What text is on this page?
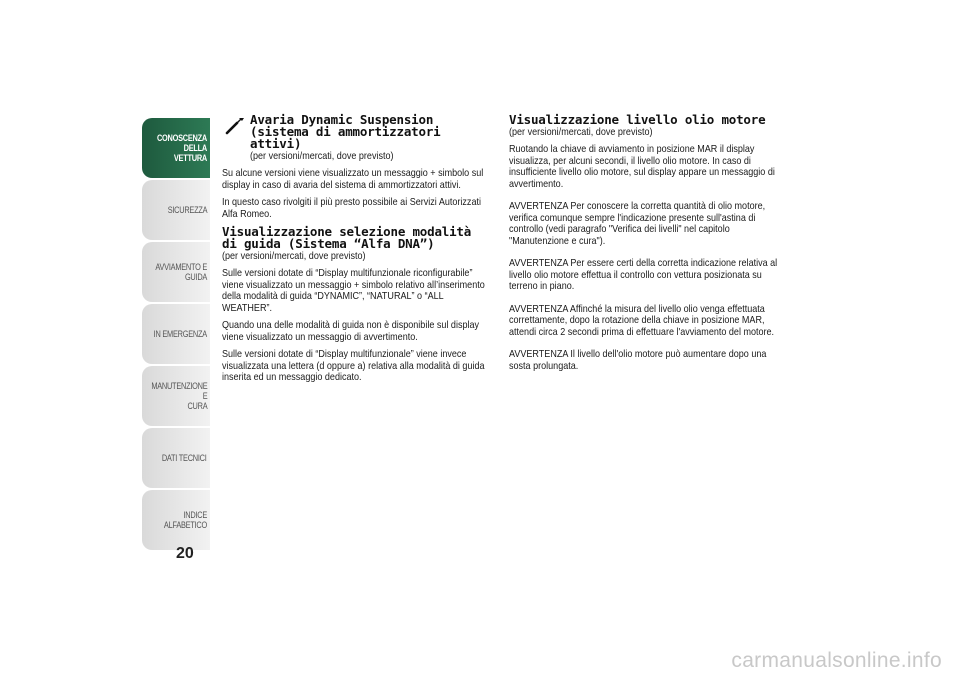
CONOSCENZA
DELLA VETTURA
SICUREZZA
AVVIAMENTO E
GUIDA
IN EMERGENZA
MANUTENZIONE E
CURA
DATI TECNICI
INDICE ALFABETICO
20

Avaria Dynamic Suspension

(sistema di ammortizzatori attivi)

(per versioni/mercati, dove previsto)

Su alcune versioni viene visualizzato un messaggio + simbolo sul display in caso di avaria del sistema di ammortizzatori attivi.

In questo caso rivolgiti il più presto possibile ai Servizi Autorizzati Alfa Romeo.

Visualizzazione selezione modalità

di guida (Sistema “Alfa DNA”)

(per versioni/mercati, dove previsto)

Sulle versioni dotate di “Display multifunzionale riconfigurabile” viene visualizzato un messaggio + simbolo relativo all’inserimento della modalità di guida “DYNAMIC”, “NATURAL” o “ALL WEATHER”.

Quando una delle modalità di guida non è disponibile sul display viene visualizzato un messaggio di avvertimento.

Sulle versioni dotate di “Display multifunzionale” viene invece visualizzata una lettera (d oppure a) relativa alla modalità di guida inserita ed un messaggio dedicato.

Visualizzazione livello olio motore

(per versioni/mercati, dove previsto)

Ruotando la chiave di avviamento in posizione MAR il display visualizza, per alcuni secondi, il livello olio motore. In caso di insufficiente livello olio motore, sul display appare un messaggio di avvertimento.

AVVERTENZA Per conoscere la corretta quantità di olio motore, verifica comunque sempre l'indicazione presente sull'astina di controllo (vedi paragrafo "Verifica dei livelli" nel capitolo "Manutenzione e cura").

AVVERTENZA Per essere certi della corretta indicazione relativa al livello olio motore effettua il controllo con vettura posizionata su terreno in piano.

AVVERTENZA Affinché la misura del livello olio venga effettuata correttamente, dopo la rotazione della chiave in posizione MAR, attendi circa 2 secondi prima di effettuare l'avviamento del motore.

AVVERTENZA Il livello dell'olio motore può aumentare dopo una sosta prolungata.

carmanualsonline.info
